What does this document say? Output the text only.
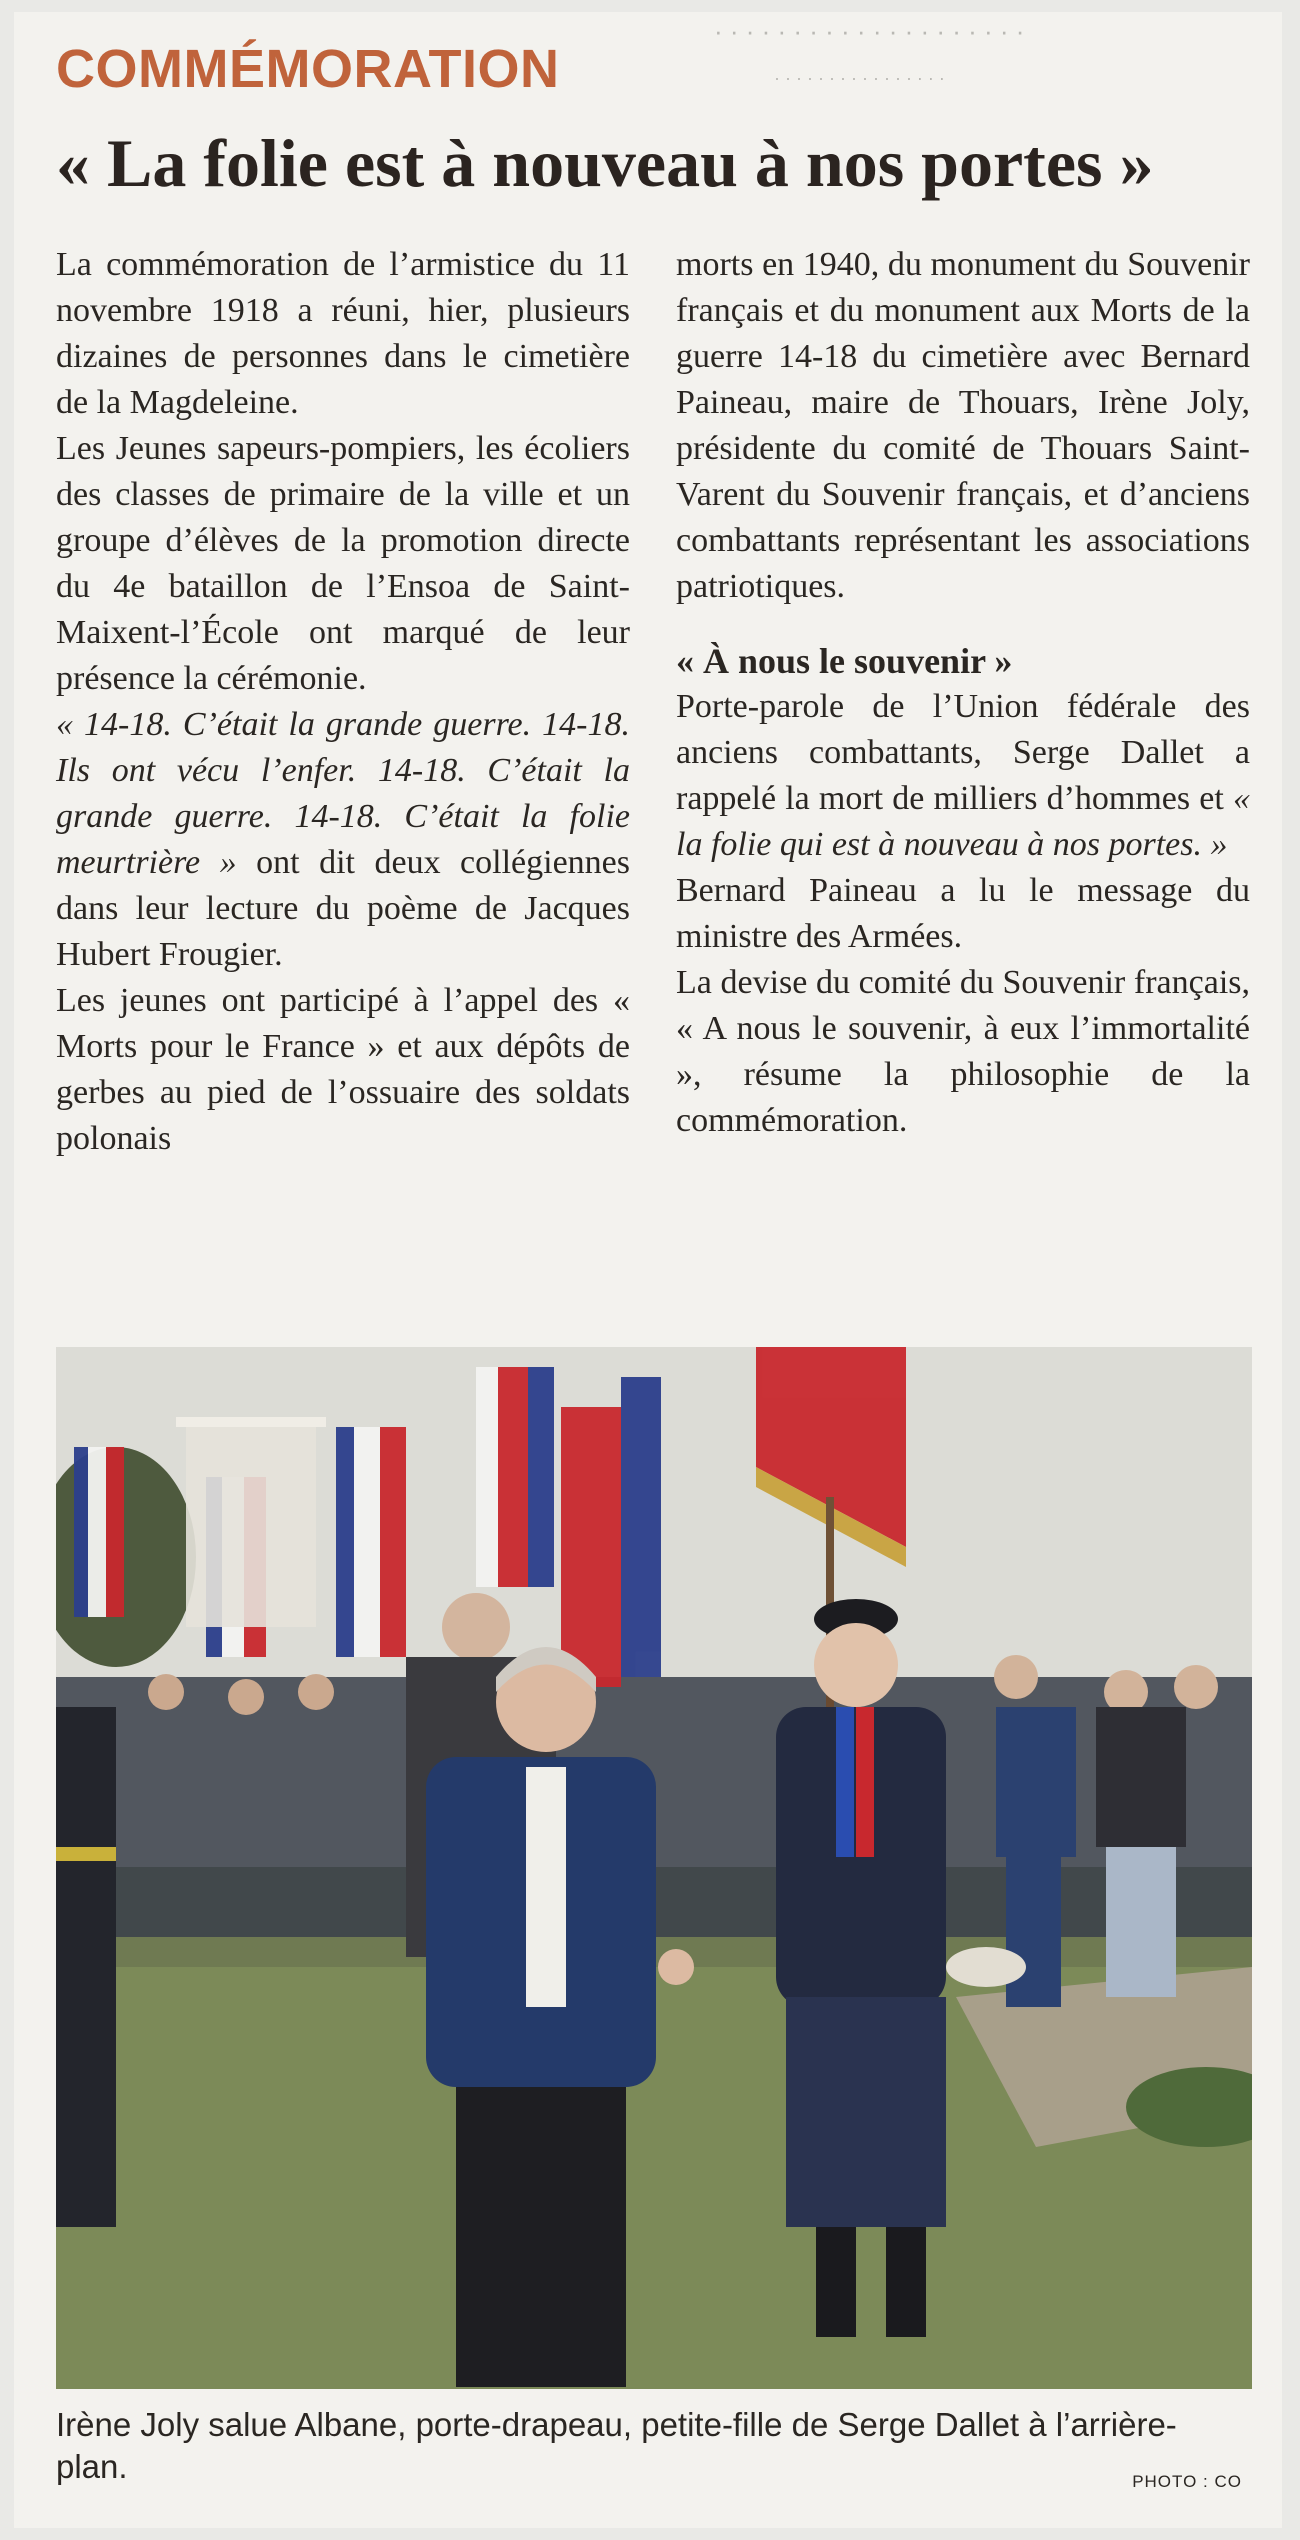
· · · · · · · · · · · · · · · · · · · ·
· · · · · · · · · · · · · · · ·
COMMÉMORATION
« La folie est à nouveau à nos portes »

La commémoration de l’armistice du 11 novembre 1918 a réuni, hier, plusieurs dizaines de personnes dans le cimetière de la Magdeleine.

Les Jeunes sapeurs-pompiers, les écoliers des classes de primaire de la ville et un groupe d’élèves de la promotion directe du 4e bataillon de l’Ensoa de Saint-Maixent-l’École ont marqué de leur présence la cérémonie.

« 14-18. C’était la grande guerre. 14-18. Ils ont vécu l’enfer. 14-18. C’était la grande guerre. 14-18. C’était la folie meurtrière » ont dit deux collégiennes dans leur lecture du poème de Jacques Hubert Frougier.

Les jeunes ont participé à l’appel des « Morts pour le France » et aux dépôts de gerbes au pied de l’ossuaire des soldats polonais

morts en 1940, du monument du Souvenir français et du monument aux Morts de la guerre 14-18 du cimetière avec Bernard Paineau, maire de Thouars, Irène Joly, présidente du comité de Thouars Saint-Varent du Souvenir français, et d’anciens combattants représentant les associations patriotiques.

« À nous le souvenir »

Porte-parole de l’Union fédérale des anciens combattants, Serge Dallet a rappelé la mort de milliers d’hommes et « la folie qui est à nouveau à nos portes. »

Bernard Paineau a lu le message du ministre des Armées.

La devise du comité du Souvenir français, « A nous le souvenir, à eux l’immortalité », résume la philosophie de la commémoration.

Irène Joly salue Albane, porte-drapeau, petite-fille de Serge Dallet à l’arrière-plan.	PHOTO : CO
